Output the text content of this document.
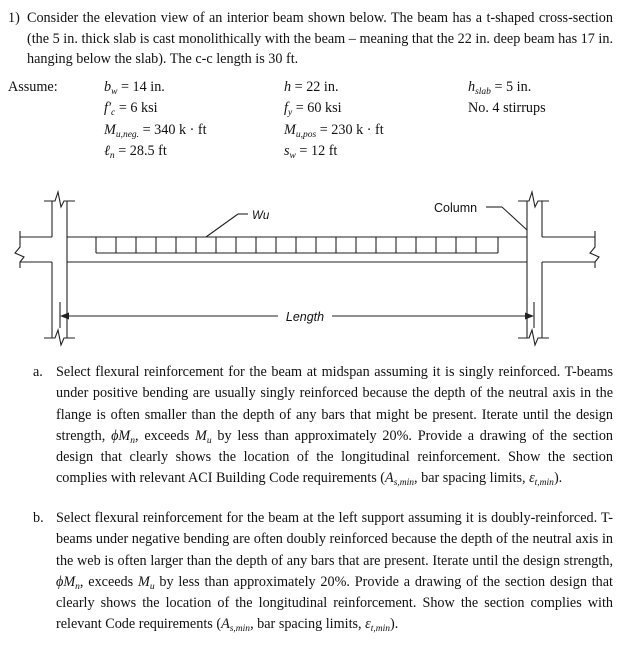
1) Consider the elevation view of an interior beam shown below. The beam has a t-shaped cross-section (the 5 in. thick slab is cast monolithically with the beam – meaning that the 22 in. deep beam has 17 in. hanging below the slab). The c-c length is 30 ft.
Assume:	$b_w = 14$ in.
$f'_c = 6$ ksi
$M_{u,neg.} = 340$ k · ft
ℓ$_n$ = 28.5 ft
h = 22 in.
$f_y = 60$ ksi
$M_{u,pos} = 230$ k · ft
$s_w = 12$ ft
$h_{slab} = 5$ in.
No. 4 stirrups
Wu
Column
Length
a. Select flexural reinforcement for the beam at midspan assuming it is singly reinforced. T-beams under positive bending are usually singly reinforced because the depth of the neutral axis in the flange is often smaller than the depth of any bars that might be present. Iterate until the design strength, $\phi M_n$, exceeds $M_u$ by less than approximately 20%. Provide a drawing of the section design that clearly shows the location of the longitudinal reinforcement. Show the section complies with relevant ACI Building Code requirements ($A_{s,min}$, bar spacing limits, $\varepsilon_{t,min}$).
b. Select flexural reinforcement for the beam at the left support assuming it is doubly-reinforced. T-beams under negative bending are often doubly reinforced because the depth of the neutral axis in the web is often larger than the depth of any bars that are present. Iterate until the design strength, $\phi M_n$, exceeds $M_u$ by less than approximately 20%. Provide a drawing of the section design that clearly shows the location of the longitudinal reinforcement. Show the section complies with relevant Code requirements ($A_{s,min}$, bar spacing limits, $\varepsilon_{t,min}$).
